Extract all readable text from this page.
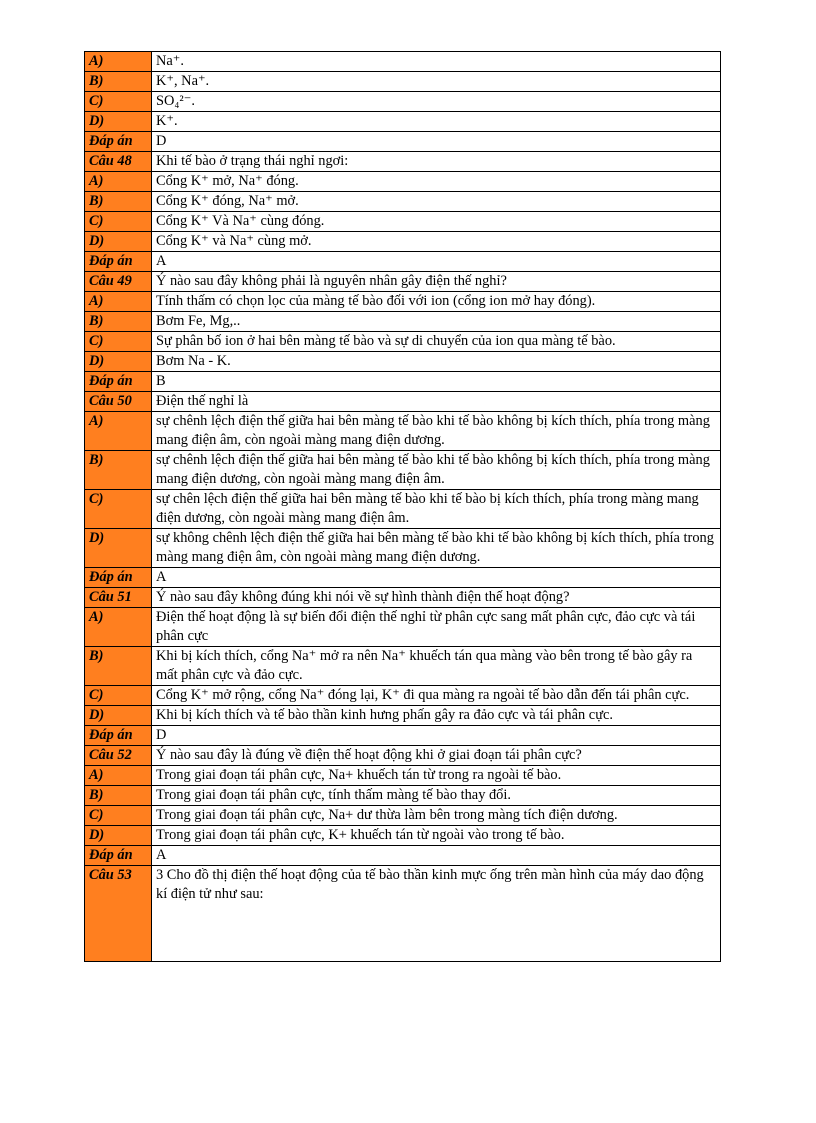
A)	Na⁺.
B)	K⁺, Na⁺.
C)	SO₄²⁻.
D)	K⁺.
Đáp án	D
Câu 48	Khi tế bào ở trạng thái nghỉ ngơi:
A)	Cổng K⁺ mở, Na⁺ đóng.
B)	Cổng K⁺ đóng, Na⁺ mở.
C)	Cổng K⁺ Và Na⁺ cùng đóng.
D)	Cổng K⁺ và Na⁺ cùng mở.
Đáp án	A
Câu 49	Ý nào sau đây không phải là nguyên nhân gây điện thế nghỉ?
A)	Tính thấm có chọn lọc của màng tế bào đối với ion (cổng ion mở hay đóng).
B)	Bơm Fe, Mg,..
C)	Sự phân bố ion ở hai bên màng tế bào và sự di chuyển của ion qua màng tế bào.
D)	Bơm Na - K.
Đáp án	B
Câu 50	Điện thế nghỉ là
A)	sự chênh lệch điện thế giữa hai bên màng tế bào khi tế bào không bị kích thích, phía trong màng mang điện âm, còn ngoài màng mang điện dương.
B)	sự chênh lệch điện thế giữa hai bên màng tế bào khi tế bào không bị kích thích, phía trong màng mang điện dương, còn ngoài màng mang điện âm.
C)	sự chên lệch điện thế giữa hai bên màng tế bào khi tế bào bị kích thích, phía trong màng mang điện dương, còn ngoài màng mang điện âm.
D)	sự không chênh lệch điện thế giữa hai bên màng tế bào khi tế bào không bị kích thích, phía trong màng mang điện âm, còn ngoài màng mang điện dương.
Đáp án	A
Câu 51	Ý nào sau đây không đúng khi nói về sự hình thành điện thế hoạt động?
A)	Điện thế hoạt động là sự biến đổi điện thế nghỉ từ phân cực sang mất phân cực, đảo cực và tái phân cực
B)	Khi bị kích thích, cổng Na⁺ mở ra nên Na⁺ khuếch tán qua màng vào bên trong tế bào gây ra mất phân cực và đảo cực.
C)	Cổng K⁺ mở rộng, cổng Na⁺ đóng lại, K⁺ đi qua màng ra ngoài tế bào dẫn đến tái phân cực.
D)	Khi bị kích thích và tế bào thần kinh hưng phấn gây ra đảo cực và tái phân cực.
Đáp án	D
Câu 52	Ý nào sau đây là đúng về điện thế hoạt động khi ở giai đoạn tái phân cực?
A)	Trong giai đoạn tái phân cực, Na+ khuếch tán từ trong ra ngoài tế bào.
B)	Trong giai đoạn tái phân cực, tính thấm màng tế bào thay đổi.
C)	Trong giai đoạn tái phân cực, Na+ dư thừa làm bên trong màng tích điện dương.
D)	Trong giai đoạn tái phân cực, K+ khuếch tán từ ngoài vào trong tế bào.
Đáp án	A
Câu 53	3 Cho đồ thị điện thế hoạt động của tế bào thần kinh mực ống trên màn hình của máy dao động kí điện tử như sau:
